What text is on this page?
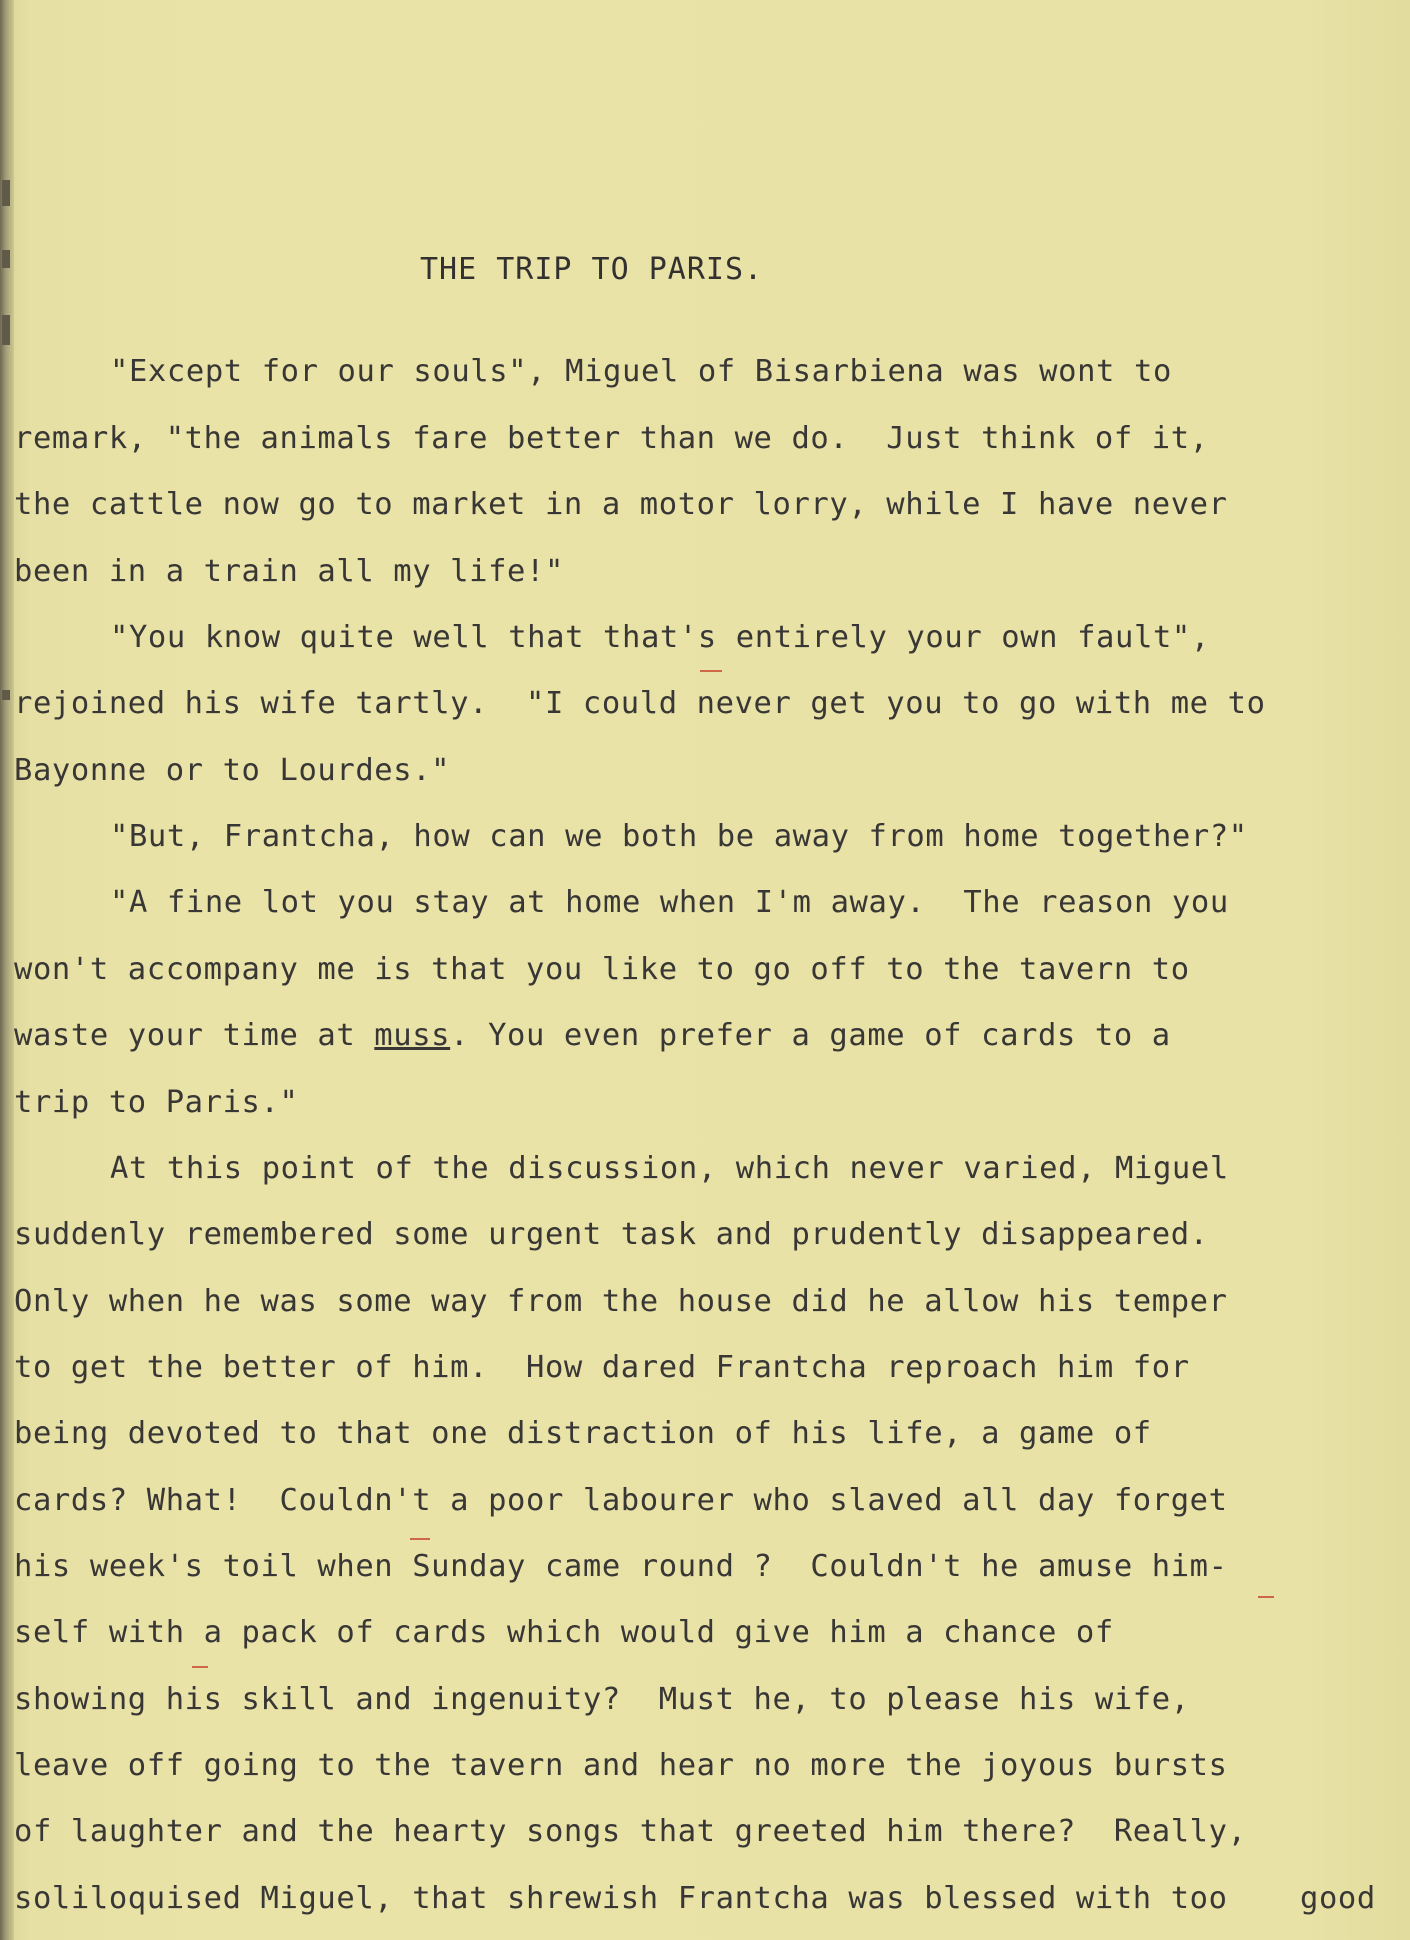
THE TRIP TO PARIS.
"Except for our souls", Miguel of Bisarbiena was wont to
remark, "the animals fare better than we do.  Just think of it,
the cattle now go to market in a motor lorry, while I have never
been in a train all my life!"
"You know quite well that that's entirely your own fault",
rejoined his wife tartly.  "I could never get you to go with me to
Bayonne or to Lourdes."
"But, Frantcha, how can we both be away from home together?"
"A fine lot you stay at home when I'm away.  The reason you
won't accompany me is that you like to go off to the tavern to
waste your time at muss. You even prefer a game of cards to a
trip to Paris."
At this point of the discussion, which never varied, Miguel
suddenly remembered some urgent task and prudently disappeared.
Only when he was some way from the house did he allow his temper
to get the better of him.  How dared Frantcha reproach him for
being devoted to that one distraction of his life, a game of
cards? What!  Couldn't a poor labourer who slaved all day forget
his week's toil when Sunday came round ?  Couldn't he amuse him-
self with a pack of cards which would give him a chance of
showing his skill and ingenuity?  Must he, to please his wife,
leave off going to the tavern and hear no more the joyous bursts
of laughter and the hearty songs that greeted him there?  Really,
soliloquised Miguel, that shrewish Frantcha was blessed with too good
